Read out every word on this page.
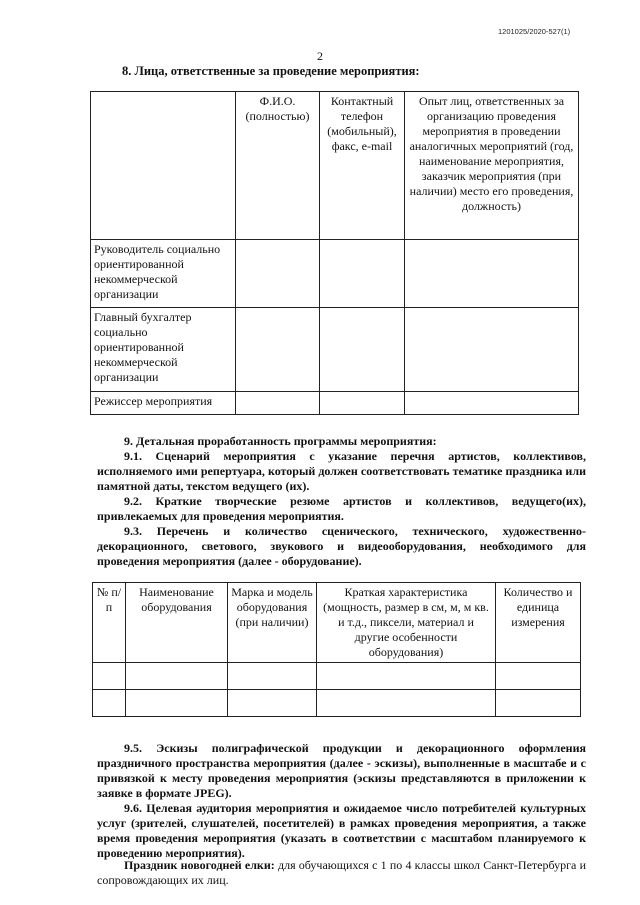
1201025/2020-527(1)
2
8. Лица, ответственные за проведение мероприятия:
	Ф.И.О. (полностью)	Контактный телефон (мобильный), факс, e-mail	Опыт лиц, ответственных за организацию проведения мероприятия в проведении аналогичных мероприятий (год, наименование мероприятия, заказчик мероприятия (при наличии) место его проведения, должность)
Руководитель социально ориентированной некоммерческой организации			
Главный бухгалтер социально ориентированной некоммерческой организации			
Режиссер мероприятия			
9. Детальная проработанность программы мероприятия:
9.1. Сценарий мероприятия с указание перечня артистов, коллективов, исполняемого ими репертуара, который должен соответствовать тематике праздника или памятной даты, текстом ведущего (их).
9.2. Краткие творческие резюме артистов и коллективов, ведущего(их), привлекаемых для проведения мероприятия.
9.3. Перечень и количество сценического, технического, художественно-декорационного, светового, звукового и видеооборудования, необходимого для проведения мероприятия (далее - оборудование).
№ п/п	Наименование оборудования	Марка и модель оборудования (при наличии)	Краткая характеристика (мощность, размер в см, м, м кв. и т.д., пиксели, материал и другие особенности оборудования)	Количество и единица измерения

9.5. Эскизы полиграфической продукции и декорационного оформления праздничного пространства мероприятия (далее - эскизы), выполненные в масштабе и с привязкой к месту проведения мероприятия (эскизы представляются в приложении к заявке в формате JPEG).
9.6. Целевая аудитория мероприятия и ожидаемое число потребителей культурных услуг (зрителей, слушателей, посетителей) в рамках проведения мероприятия, а также время проведения мероприятия (указать в соответствии с масштабом планируемого к проведению мероприятия).
Праздник новогодней елки: для обучающихся с 1 по 4 классы школ Санкт-Петербурга и сопровождающих их лиц.
